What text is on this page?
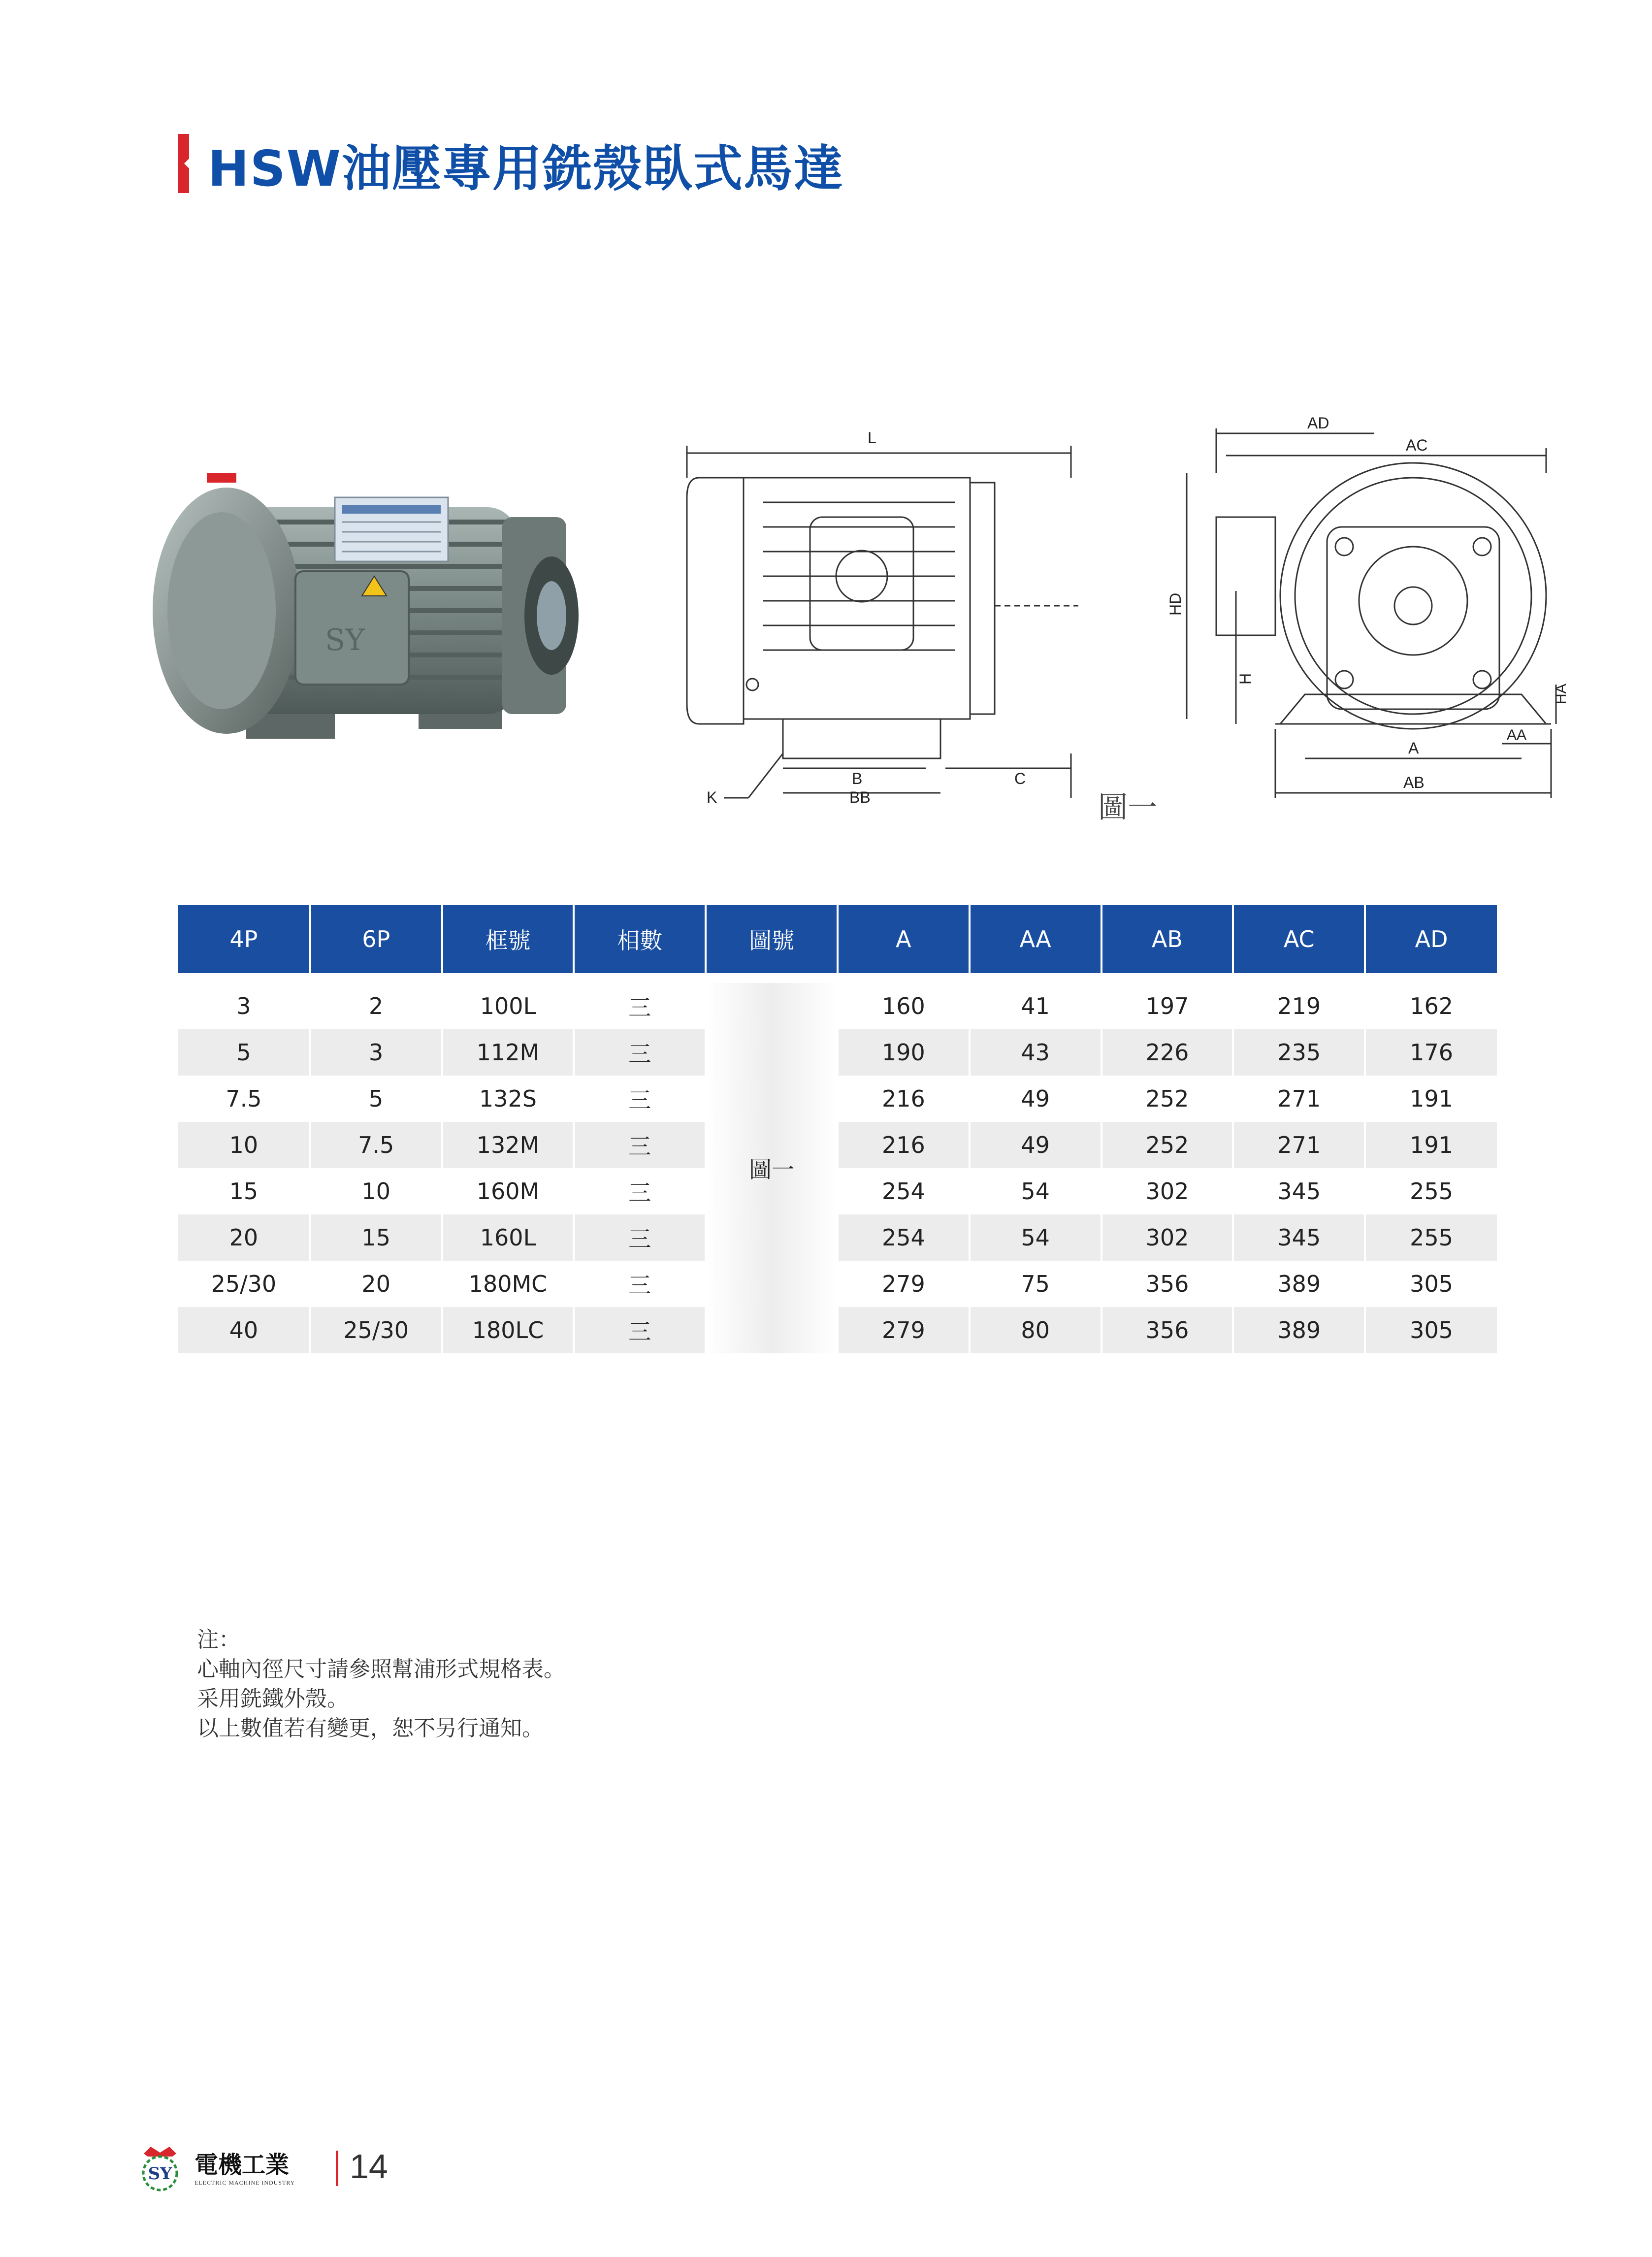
HSW油壓專用銑殼臥式馬達
SY
L
B	C
BB
K
AD
AC
HD
H
HA
A
AA
AB
圖一
4P	6P	框號	相數	圖號	A	AA	AB	AC	AD

3	2	100L	三	圖一	160	41	197	219	162
5	3	112M	三		190	43	226	235	176
7.5	5	132S	三		216	49	252	271	191
10	7.5	132M	三		216	49	252	271	191
15	10	160M	三		254	54	302	345	255
20	15	160L	三		254	54	302	345	255
25/30	20	180MC	三		279	75	356	389	305
40	25/30	180LC	三		279	80	356	389	305
注：
心軸內徑尺寸請參照幫浦形式規格表。
采用銑鐵外殼。
以上數值若有變更，恕不另行通知。
SY 電機工業
ELECTRIC MACHINE INDUSTRY 14
